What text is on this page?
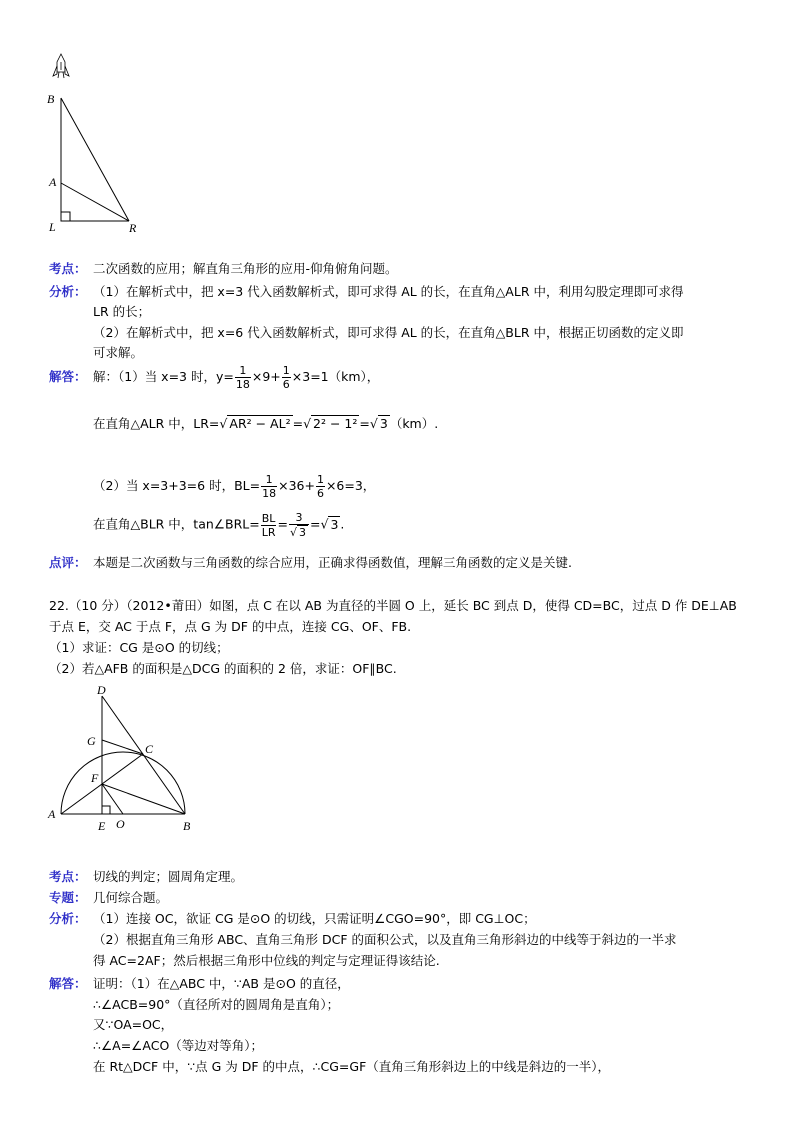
B
A
L	R
考点： 二次函数的应用；解直角三角形的应用-仰角俯角问题。
分析： （1）在解析式中，把 x=3 代入函数解析式，即可求得 AL 的长，在直角△ALR 中，利用勾股定理即可求得
LR 的长；
（2）在解析式中，把 x=6 代入函数解析式，即可求得 AL 的长，在直角△BLR 中，根据正切函数的定义即
可求解。
解答： 解：（1）当 x=3 时，$y= \frac{1}{18} \times 9+ \frac{1}{6} \times 3=1(km)$，
在直角△ALR 中，LR=√ AR² − AL² =√ 2² − 1² =√ 3 （km）.
（2）当 x=3+3=6 时，$BL= \frac{1}{18} \times 36+ \frac{1}{6} \times 6=3$，
在直角△BLR 中，tan∠BRL= $\frac{BL}{LR} = \frac{3}{√ 3}$ =√ 3 .
点评： 本题是二次函数与三角函数的综合应用，正确求得函数值，理解三角函数的定义是关键.
22.（10 分）（2012•莆田）如图，点 C 在以 AB 为直径的半圆 O 上，延长 BC 到点 D，使得 CD=BC，过点 D 作 DE⊥AB
于点 E，交 AC 于点 F，点 G 为 DF 的中点，连接 CG、OF、FB.
（1）求证：CG 是⊙O 的切线；
（2）若△AFB 的面积是△DCG 的面积的 2 倍，求证：OF∥BC.
D
G
C
F
A
E O	B
考点： 切线的判定；圆周角定理。
专题： 几何综合题。
分析： （1）连接 OC，欲证 CG 是⊙O 的切线，只需证明∠CGO=90°，即 CG⊥OC；
（2）根据直角三角形 ABC、直角三角形 DCF 的面积公式，以及直角三角形斜边的中线等于斜边的一半求
得 AC=2AF；然后根据三角形中位线的判定与定理证得该结论.
解答： 证明：（1）在△ABC 中，∵AB 是⊙O 的直径，
∴∠ACB=90°（直径所对的圆周角是直角）；
又∵OA=OC，
∴∠A=∠ACO（等边对等角）；
在 Rt△DCF 中，∵点 G 为 DF 的中点，∴CG=GF（直角三角形斜边上的中线是斜边的一半），
